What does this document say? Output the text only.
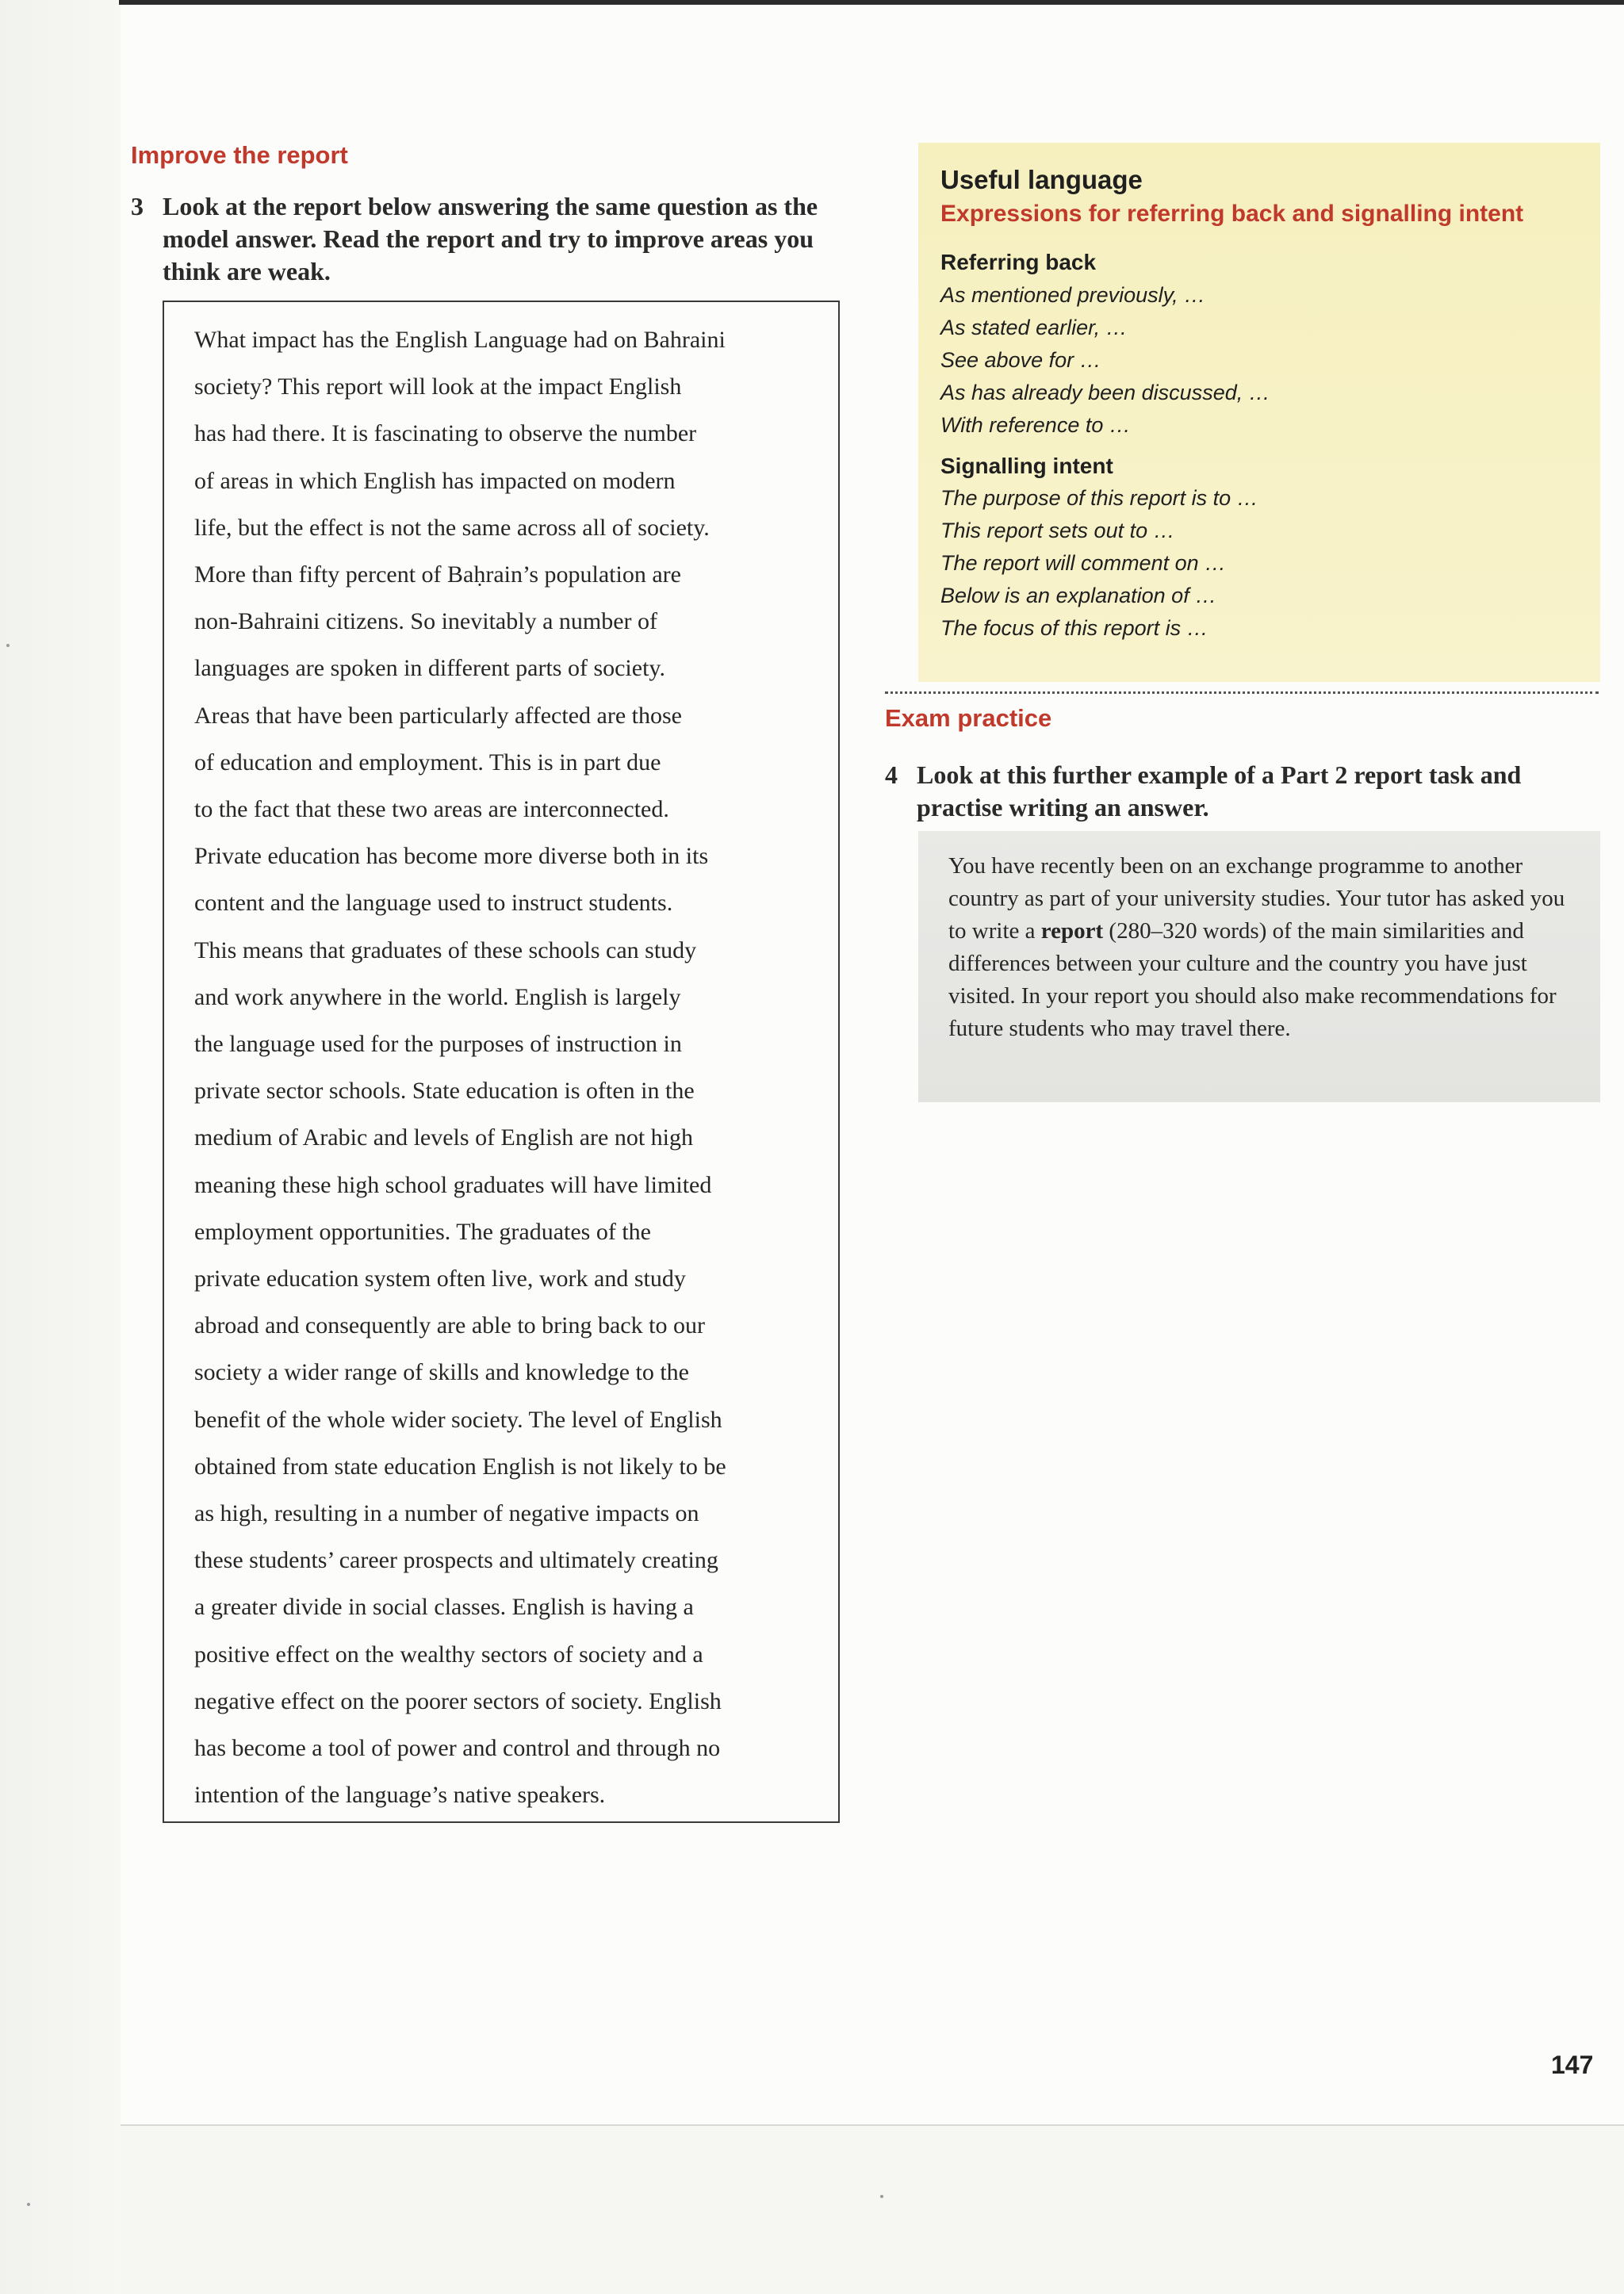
Improve the report
3 Look at the report below answering the same question as the model answer. Read the report and try to improve areas you think are weak.

What impact has the English Language had on Bahraini
society? This report will look at the impact English
has had there. It is fascinating to observe the number
of areas in which English has impacted on modern
life, but the effect is not the same across all of society.
More than fifty percent of Baḥrain’s population are
non-Bahraini citizens. So inevitably a number of
languages are spoken in different parts of society.
Areas that have been particularly affected are those
of education and employment. This is in part due
to the fact that these two areas are interconnected.
Private education has become more diverse both in its
content and the language used to instruct students.
This means that graduates of these schools can study
and work anywhere in the world. English is largely
the language used for the purposes of instruction in
private sector schools. State education is often in the
medium of Arabic and levels of English are not high
meaning these high school graduates will have limited
employment opportunities. The graduates of the
private education system often live, work and study
abroad and consequently are able to bring back to our
society a wider range of skills and knowledge to the
benefit of the whole wider society. The level of English
obtained from state education English is not likely to be
as high, resulting in a number of negative impacts on
these students’ career prospects and ultimately creating
a greater divide in social classes. English is having a
positive effect on the wealthy sectors of society and a
negative effect on the poorer sectors of society. English
has become a tool of power and control and through no
intention of the language’s native speakers.

Useful language
Expressions for referring back and signalling intent
Referring back
As mentioned previously, …
As stated earlier, …
See above for …
As has already been discussed, …
With reference to …
Signalling intent
The purpose of this report is to …
This report sets out to …
The report will comment on …
Below is an explanation of …
The focus of this report is …
Exam practice
4 Look at this further example of a Part 2 report task and practise writing an answer.

You have recently been on an exchange programme to another country as part of your university studies. Your tutor has asked you to write a report (280–320 words) of the main similarities and differences between your culture and the country you have just visited. In your report you should also make recommendations for future students who may travel there.

147
